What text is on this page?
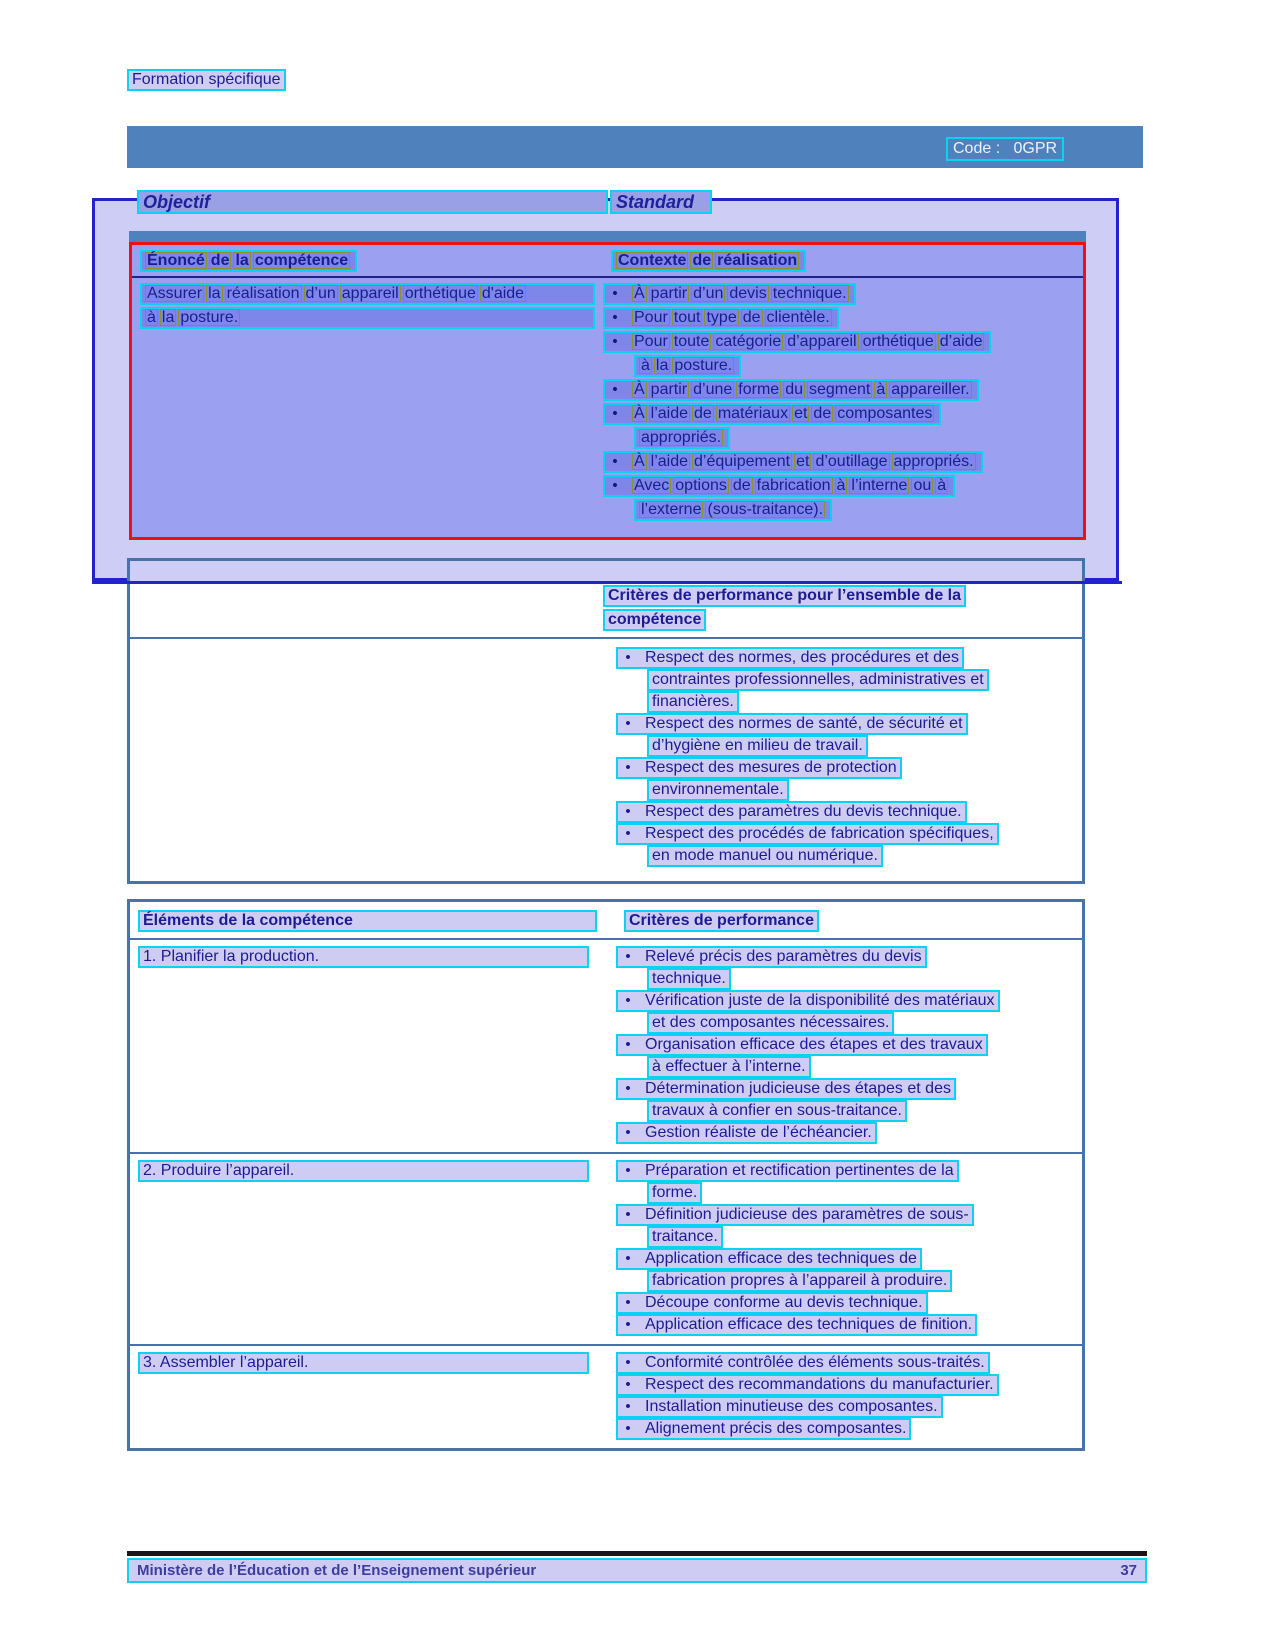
Formation spécifique
Code :   0GPR
Objectif	Standard
Énoncé de la compétence	Contexte de réalisation
Assurer la réalisation d’un appareil orthétique d'aide
à la posture.
• À partir d’un devis technique.
• Pour tout type de clientèle.
• Pour toute catégorie d’appareil orthétique d’aide
à la posture.
• À partir d’une forme du segment à appareiller.
• À l’aide de matériaux et de composantes
appropriés.
• À l’aide d’équipement et d’outillage appropriés.
• Avec options de fabrication à l’interne ou à
l’externe (sous-traitance).
Critères de performance pour l’ensemble de la
compétence
• Respect des normes, des procédures et des
contraintes professionnelles, administratives et
financières.
• Respect des normes de santé, de sécurité et
d’hygiène en milieu de travail.
• Respect des mesures de protection
environnementale.
• Respect des paramètres du devis technique.
• Respect des procédés de fabrication spécifiques,
en mode manuel ou numérique.
Éléments de la compétence	Critères de performance
1. Planifier la production.	• Relevé précis des paramètres du devis
technique.
• Vérification juste de la disponibilité des matériaux
et des composantes nécessaires.
• Organisation efficace des étapes et des travaux
à effectuer à l’interne.
• Détermination judicieuse des étapes et des
travaux à confier en sous-traitance.
• Gestion réaliste de l’échéancier.
2. Produire l’appareil.	• Préparation et rectification pertinentes de la
forme.
• Définition judicieuse des paramètres de sous-
traitance.
• Application efficace des techniques de
fabrication propres à l’appareil à produire.
• Découpe conforme au devis technique.
• Application efficace des techniques de finition.
3. Assembler l’appareil.	• Conformité contrôlée des éléments sous-traités.
• Respect des recommandations du manufacturier.
• Installation minutieuse des composantes.
• Alignement précis des composantes.
Ministère de l’Éducation et de l’Enseignement supérieur	37
